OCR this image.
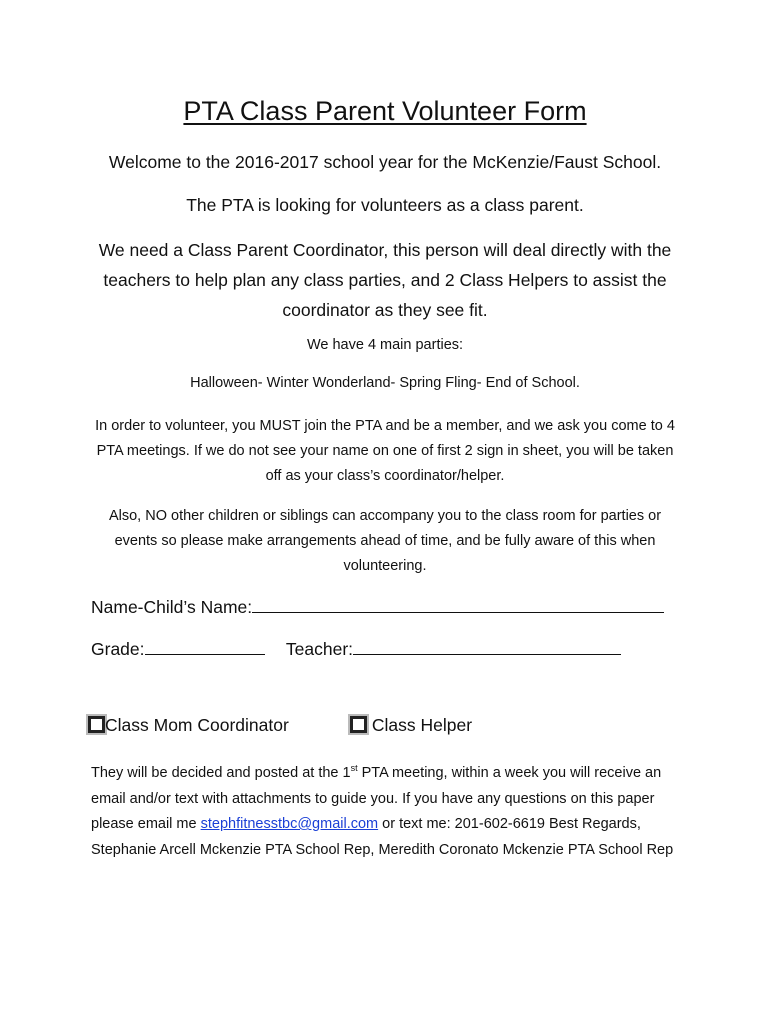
PTA Class Parent Volunteer Form
Welcome to the 2016-2017 school year for the McKenzie/Faust School.
The PTA is looking for volunteers as a class parent.
We need a Class Parent Coordinator, this person will deal directly with the teachers to help plan any class parties, and 2 Class Helpers to assist the coordinator as they see fit.
We have 4 main parties:
Halloween- Winter Wonderland- Spring Fling- End of School.
In order to volunteer, you MUST join the PTA and be a member, and we ask you come to 4 PTA meetings. If we do not see your name on one of first 2 sign in sheet, you will be taken off as your class’s coordinator/helper.
Also, NO other children or siblings can accompany you to the class room for parties or events so please make arrangements ahead of time, and be fully aware of this when volunteering.
Name-Child’s Name:
Grade:	Teacher:
Class Mom Coordinator	Class Helper
They will be decided and posted at the 1st PTA meeting, within a week you will receive an email and/or text with attachments to guide you. If you have any questions on this paper please email me stephfitnesstbc@gmail.com or text me: 201-602-6619 Best Regards, Stephanie Arcell Mckenzie PTA School Rep, Meredith Coronato Mckenzie PTA School Rep
